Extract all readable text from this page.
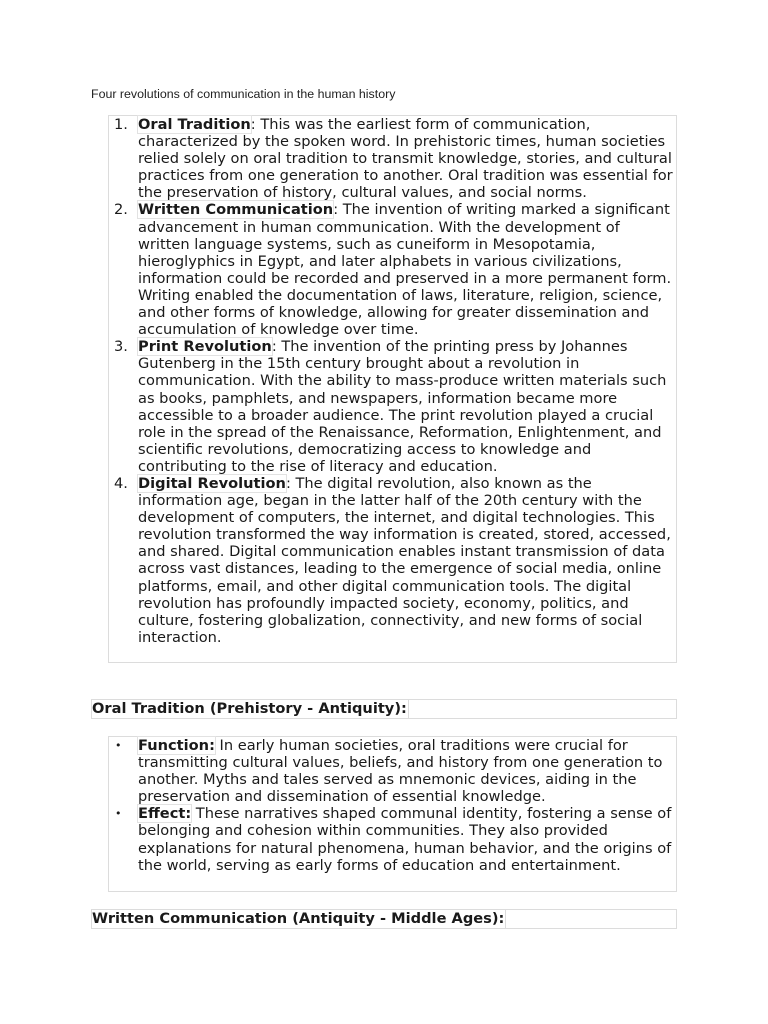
Four revolutions of communication in the human history
1. Oral Tradition: This was the earliest form of communication, characterized by the spoken word. In prehistoric times, human societies relied solely on oral tradition to transmit knowledge, stories, and cultural practices from one generation to another. Oral tradition was essential for the preservation of history, cultural values, and social norms.
2. Written Communication: The invention of writing marked a significant advancement in human communication. With the development of written language systems, such as cuneiform in Mesopotamia, hieroglyphics in Egypt, and later alphabets in various civilizations, information could be recorded and preserved in a more permanent form. Writing enabled the documentation of laws, literature, religion, science, and other forms of knowledge, allowing for greater dissemination and accumulation of knowledge over time.
3. Print Revolution: The invention of the printing press by Johannes Gutenberg in the 15th century brought about a revolution in communication. With the ability to mass-produce written materials such as books, pamphlets, and newspapers, information became more accessible to a broader audience. The print revolution played a crucial role in the spread of the Renaissance, Reformation, Enlightenment, and scientific revolutions, democratizing access to knowledge and contributing to the rise of literacy and education.
4. Digital Revolution: The digital revolution, also known as the information age, began in the latter half of the 20th century with the development of computers, the internet, and digital technologies. This revolution transformed the way information is created, stored, accessed, and shared. Digital communication enables instant transmission of data across vast distances, leading to the emergence of social media, online platforms, email, and other digital communication tools. The digital revolution has profoundly impacted society, economy, politics, and culture, fostering globalization, connectivity, and new forms of social interaction.
Oral Tradition (Prehistory - Antiquity):
• Function: In early human societies, oral traditions were crucial for transmitting cultural values, beliefs, and history from one generation to another. Myths and tales served as mnemonic devices, aiding in the preservation and dissemination of essential knowledge.
• Effect: These narratives shaped communal identity, fostering a sense of belonging and cohesion within communities. They also provided explanations for natural phenomena, human behavior, and the origins of the world, serving as early forms of education and entertainment.
Written Communication (Antiquity - Middle Ages):
